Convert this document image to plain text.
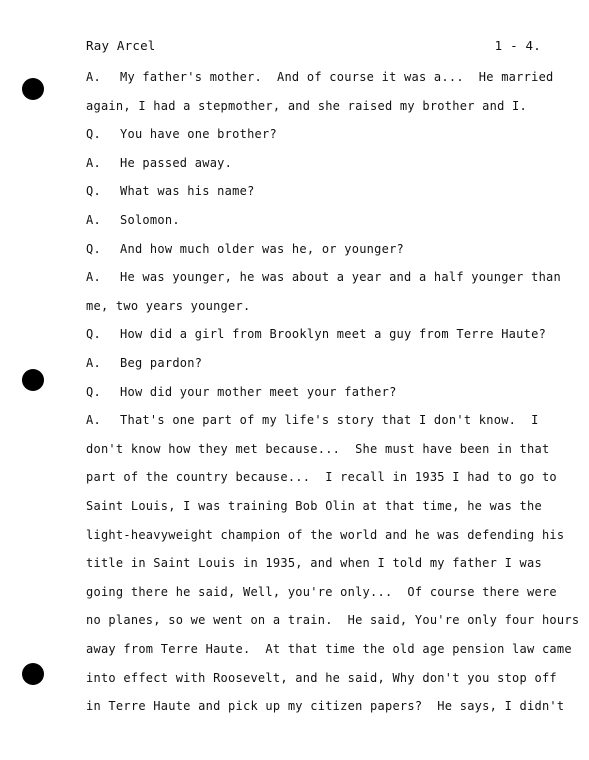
Ray Arcel	1 - 4.
A. My father's mother.  And of course it was a...  He married
again, I had a stepmother, and she raised my brother and I.
Q. You have one brother?
A. He passed away.
Q. What was his name?
A. Solomon.
Q. And how much older was he, or younger?
A. He was younger, he was about a year and a half younger than
me, two years younger.
Q. How did a girl from Brooklyn meet a guy from Terre Haute?
A. Beg pardon?
Q. How did your mother meet your father?
A. That's one part of my life's story that I don't know.  I
don't know how they met because...  She must have been in that
part of the country because...  I recall in 1935 I had to go to
Saint Louis, I was training Bob Olin at that time, he was the
light-heavyweight champion of the world and he was defending his
title in Saint Louis in 1935, and when I told my father I was
going there he said, Well, you're only...  Of course there were
no planes, so we went on a train.  He said, You're only four hours
away from Terre Haute.  At that time the old age pension law came
into effect with Roosevelt, and he said, Why don't you stop off
in Terre Haute and pick up my citizen papers?  He says, I didn't
